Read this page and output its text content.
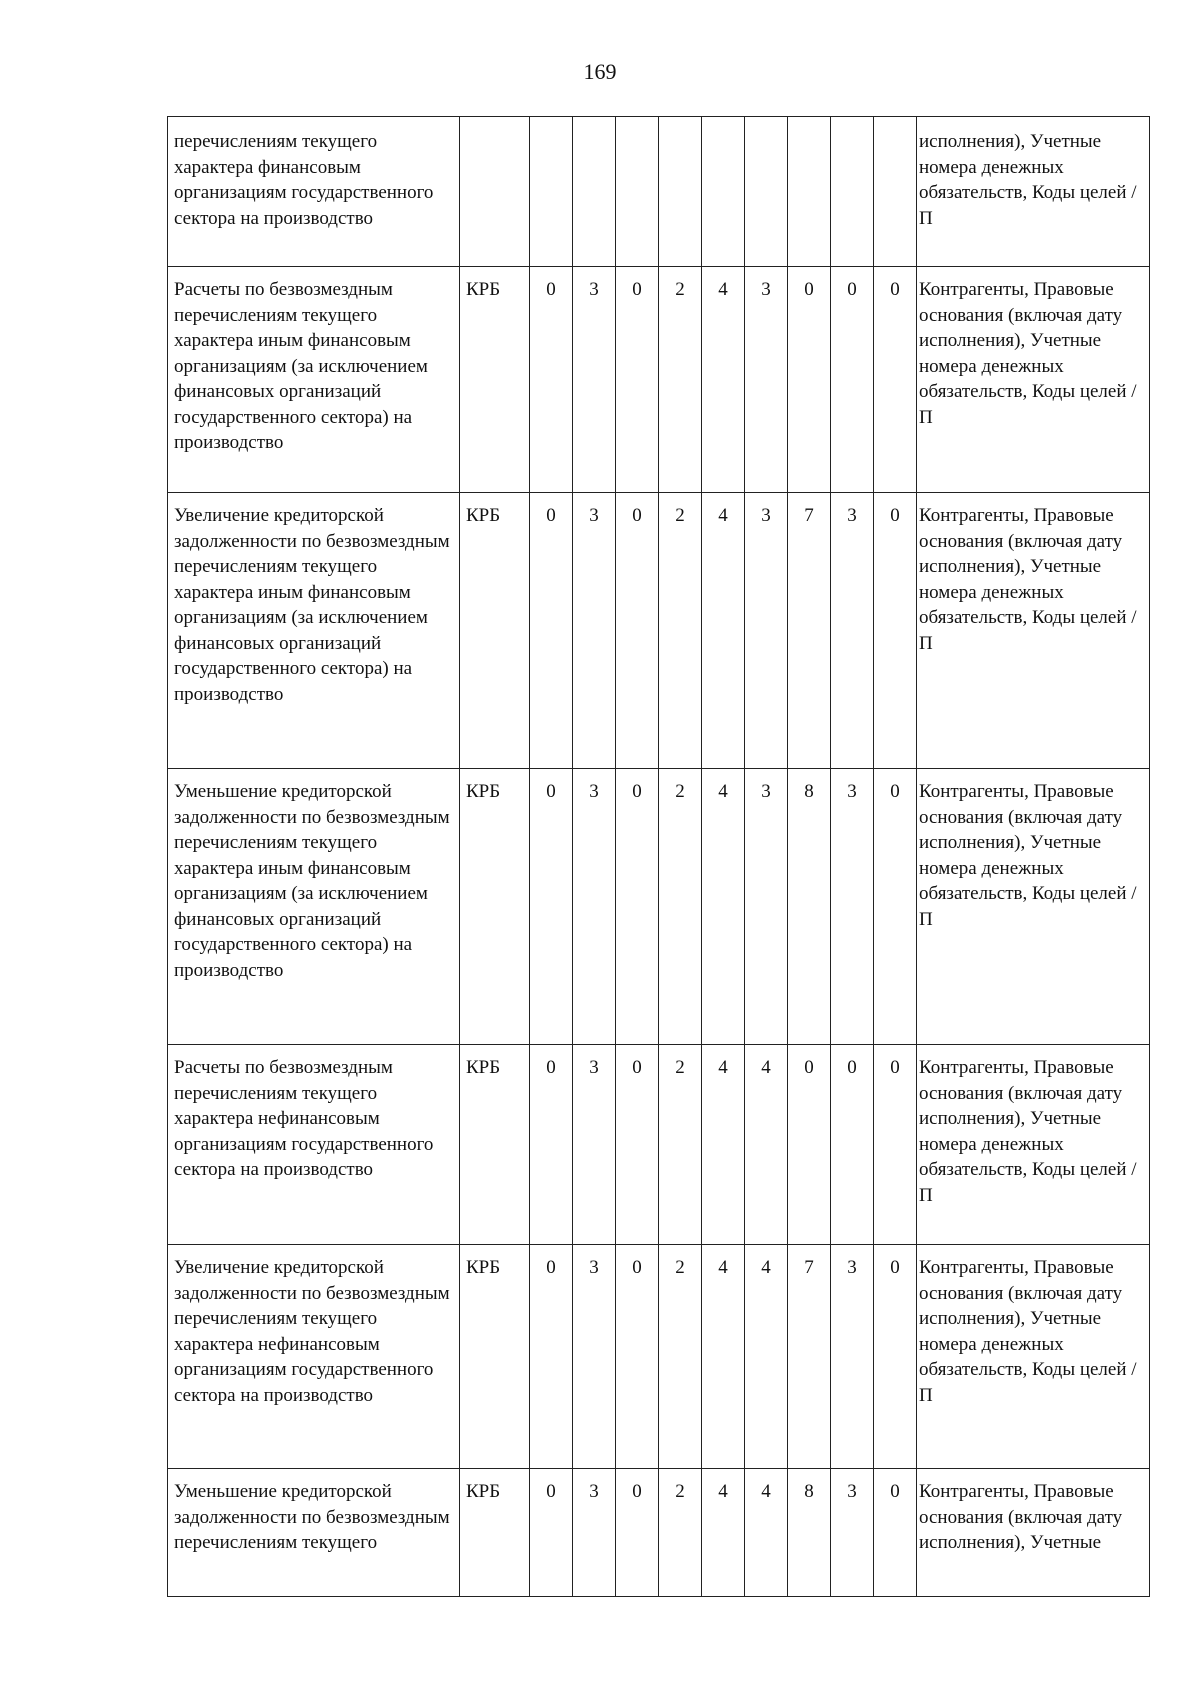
169
перечислениям текущего характера финансовым организациям государственного сектора на производство											исполнения), Учетные номера денежных обязательств, Коды целей / П
Расчеты по безвозмездным перечислениям текущего характера иным финансовым организациям (за исключением финансовых организаций государственного сектора) на производство	КРБ	0	3	0	2	4	3	0	0	0	Контрагенты, Правовые основания (включая дату исполнения), Учетные номера денежных обязательств, Коды целей / П
Увеличение кредиторской задолженности по безвозмездным перечислениям текущего характера иным финансовым организациям (за исключением финансовых организаций государственного сектора) на производство	КРБ	0	3	0	2	4	3	7	3	0	Контрагенты, Правовые основания (включая дату исполнения), Учетные номера денежных обязательств, Коды целей / П
Уменьшение кредиторской задолженности по безвозмездным перечислениям текущего характера иным финансовым организациям (за исключением финансовых организаций государственного сектора) на производство	КРБ	0	3	0	2	4	3	8	3	0	Контрагенты, Правовые основания (включая дату исполнения), Учетные номера денежных обязательств, Коды целей / П
Расчеты по безвозмездным перечислениям текущего характера нефинансовым организациям государственного сектора на производство	КРБ	0	3	0	2	4	4	0	0	0	Контрагенты, Правовые основания (включая дату исполнения), Учетные номера денежных обязательств, Коды целей / П
Увеличение кредиторской задолженности по безвозмездным перечислениям текущего характера нефинансовым организациям государственного сектора на производство	КРБ	0	3	0	2	4	4	7	3	0	Контрагенты, Правовые основания (включая дату исполнения), Учетные номера денежных обязательств, Коды целей / П
Уменьшение кредиторской задолженности по безвозмездным перечислениям текущего	КРБ	0	3	0	2	4	4	8	3	0	Контрагенты, Правовые основания (включая дату исполнения), Учетные
